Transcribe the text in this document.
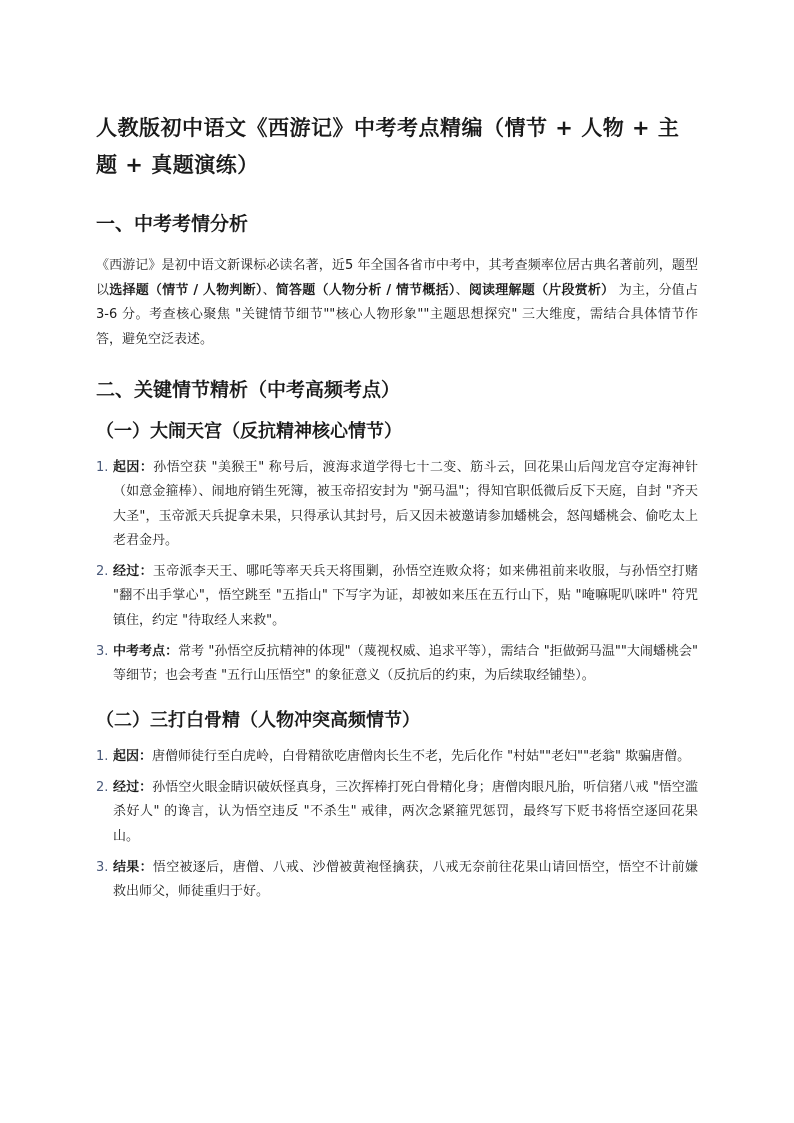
人教版初中语文《西游记》中考考点精编（情节 + 人物 + 主题 + 真题演练）
一、中考考情分析

《西游记》是初中语文新课标必读名著，近5 年全国各省市中考中，其考查频率位居古典名著前列，题型以选择题（情节 / 人物判断）、简答题（人物分析 / 情节概括）、阅读理解题（片段赏析） 为主，分值占3-6 分。考查核心聚焦 "关键情节细节""核心人物形象""主题思想探究" 三大维度，需结合具体情节作答，避免空泛表述。

二、关键情节精析（中考高频考点）
（一）大闹天宫（反抗精神核心情节）
1. 起因：孙悟空获 "美猴王" 称号后，渡海求道学得七十二变、筋斗云，回花果山后闯龙宫夺定海神针（如意金箍棒）、闹地府销生死簿，被玉帝招安封为 "弼马温"；得知官职低微后反下天庭，自封 "齐天大圣"，玉帝派天兵捉拿未果，只得承认其封号，后又因未被邀请参加蟠桃会，怒闯蟠桃会、偷吃太上老君金丹。
2. 经过：玉帝派李天王、哪吒等率天兵天将围剿，孙悟空连败众将；如来佛祖前来收服，与孙悟空打赌 "翻不出手掌心"，悟空跳至 "五指山" 下写字为证，却被如来压在五行山下，贴 "唵嘛呢叭咪吽" 符咒镇住，约定 "待取经人来救"。
3. 中考考点：常考 "孙悟空反抗精神的体现"（蔑视权威、追求平等），需结合 "拒做弼马温""大闹蟠桃会" 等细节；也会考查 "五行山压悟空" 的象征意义（反抗后的约束，为后续取经铺垫）。
（二）三打白骨精（人物冲突高频情节）
1. 起因：唐僧师徒行至白虎岭，白骨精欲吃唐僧肉长生不老，先后化作 "村姑""老妇""老翁" 欺骗唐僧。
2. 经过：孙悟空火眼金睛识破妖怪真身，三次挥棒打死白骨精化身；唐僧肉眼凡胎，听信猪八戒 "悟空滥杀好人" 的谗言，认为悟空违反 "不杀生" 戒律，两次念紧箍咒惩罚，最终写下贬书将悟空逐回花果山。
3. 结果：悟空被逐后，唐僧、八戒、沙僧被黄袍怪擒获，八戒无奈前往花果山请回悟空，悟空不计前嫌救出师父，师徒重归于好。
